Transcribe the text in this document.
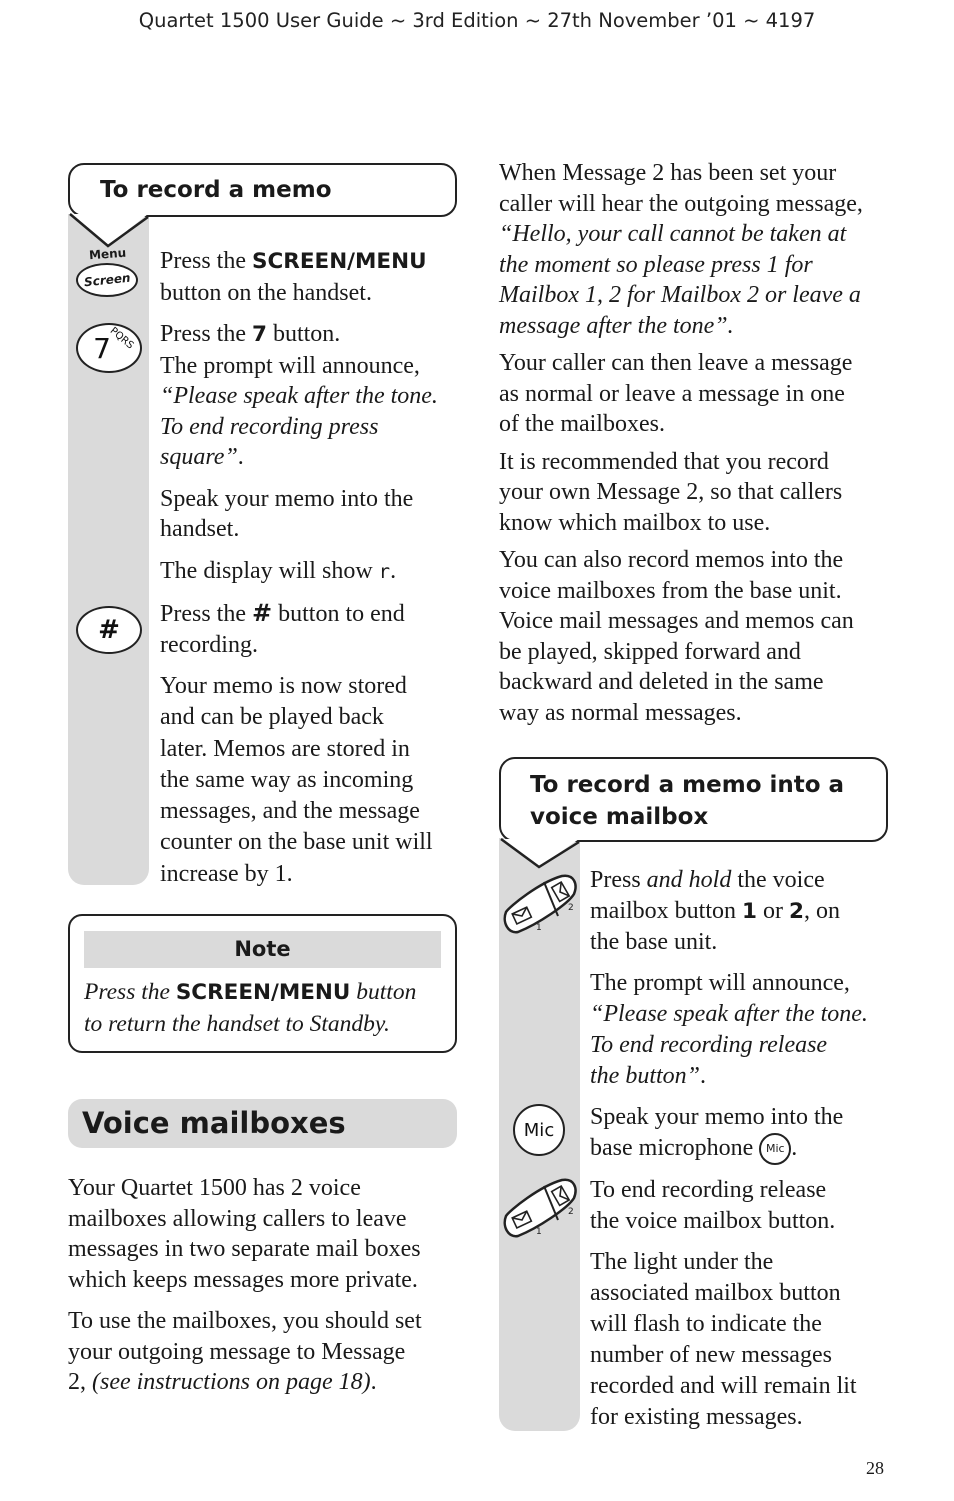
Quartet 1500 User Guide ~ 3rd Edition ~ 27th November ’01 ~ 4197
To record a memo
Menu
Screen
7
PQRS
#

Press the SCREEN/MENU
button on the handset.

Press the 7 button.
The prompt will announce,
“Please speak after the tone.
To end recording press
square”.

Speak your memo into the
handset.

The display will show r.

Press the # button to end
recording.

Your memo is now stored
and can be played back
later. Memos are stored in
the same way as incoming
messages, and the message
counter on the base unit will
increase by 1.

Note
Press the SCREEN/MENU button
to return the handset to Standby.
Voice mailboxes

Your Quartet 1500 has 2 voice
mailboxes allowing callers to leave
messages in two separate mail boxes
which keeps messages more private.

To use the mailboxes, you should set
your outgoing message to Message
2, (see instructions on page 18).

When Message 2 has been set your
caller will hear the outgoing message,
“Hello, your call cannot be taken at
the moment so please press 1 for
Mailbox 1, 2 for Mailbox 2 or leave a
message after the tone”.

Your caller can then leave a message
as normal or leave a message in one
of the mailboxes.

It is recommended that you record
your own Message 2, so that callers
know which mailbox to use.

You can also record memos into the
voice mailboxes from the base unit.
Voice mail messages and memos can
be played, skipped forward and
backward and deleted in the same
way as normal messages.

To record a memo into a
voice mailbox
1
2
Mic
1
2

Press and hold the voice
mailbox button 1 or 2, on
the base unit.

The prompt will announce,
“Please speak after the tone.
To end recording release
the button”.

Speak your memo into the
base microphone Mic .

To end recording release
the voice mailbox button.

The light under the
associated mailbox button
will flash to indicate the
number of new messages
recorded and will remain lit
for existing messages.

28
